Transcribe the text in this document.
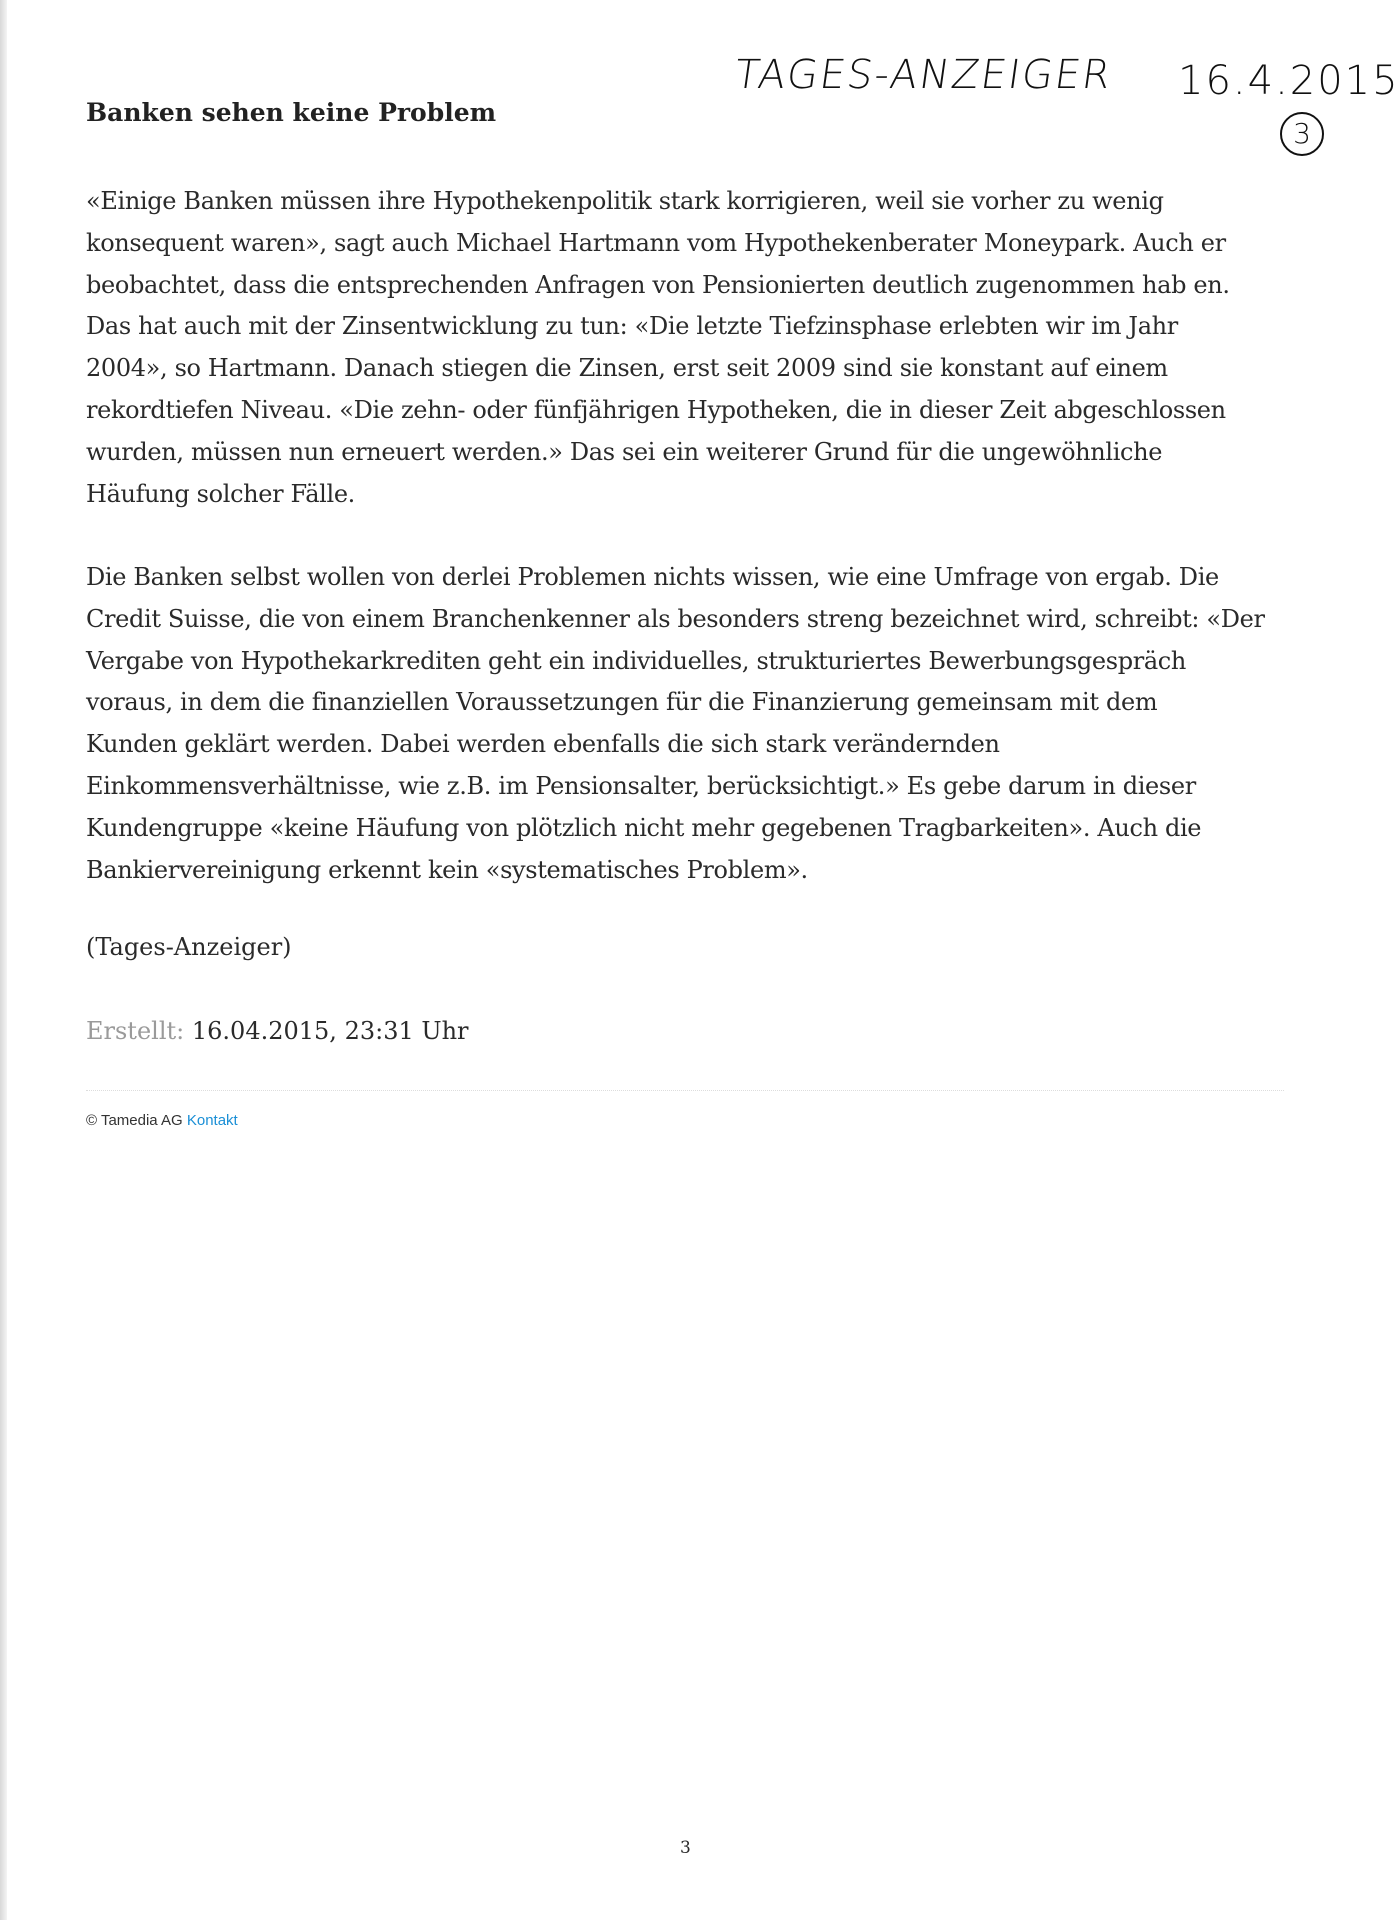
TAGES-ANZEIGER 16.4.2015
3
Banken sehen keine Problem
«Einige Banken müssen ihre Hypothekenpolitik stark korrigieren, weil sie vorher zu wenig
konsequent waren», sagt auch Michael Hartmann vom Hypothekenberater Moneypark. Auch er
beobachtet, dass die entsprechenden Anfragen von Pensionierten deutlich zugenommen hab en.
Das hat auch mit der Zinsentwicklung zu tun: «Die letzte Tiefzinsphase erlebten wir im Jahr
2004», so Hartmann. Danach stiegen die Zinsen, erst seit 2009 sind sie konstant auf einem
rekordtiefen Niveau. «Die zehn- oder fünfjährigen Hypotheken, die in dieser Zeit abgeschlossen
wurden, müssen nun erneuert werden.» Das sei ein weiterer Grund für die ungewöhnliche
Häufung solcher Fälle.
Die Banken selbst wollen von derlei Problemen nichts wissen, wie eine Umfrage von ergab. Die
Credit Suisse, die von einem Branchenkenner als besonders streng bezeichnet wird, schreibt: «Der
Vergabe von Hypothekarkrediten geht ein individuelles, strukturiertes Bewerbungsgespräch
voraus, in dem die finanziellen Voraussetzungen für die Finanzierung gemeinsam mit dem
Kunden geklärt werden. Dabei werden ebenfalls die sich stark verändernden
Einkommensverhältnisse, wie z.B. im Pensionsalter, berücksichtigt.» Es gebe darum in dieser
Kundengruppe «keine Häufung von plötzlich nicht mehr gegebenen Tragbarkeiten». Auch die
Bankiervereinigung erkennt kein «systematisches Problem».
(Tages-Anzeiger)
Erstellt: 16.04.2015, 23:31 Uhr
© Tamedia AG Kontakt
3
